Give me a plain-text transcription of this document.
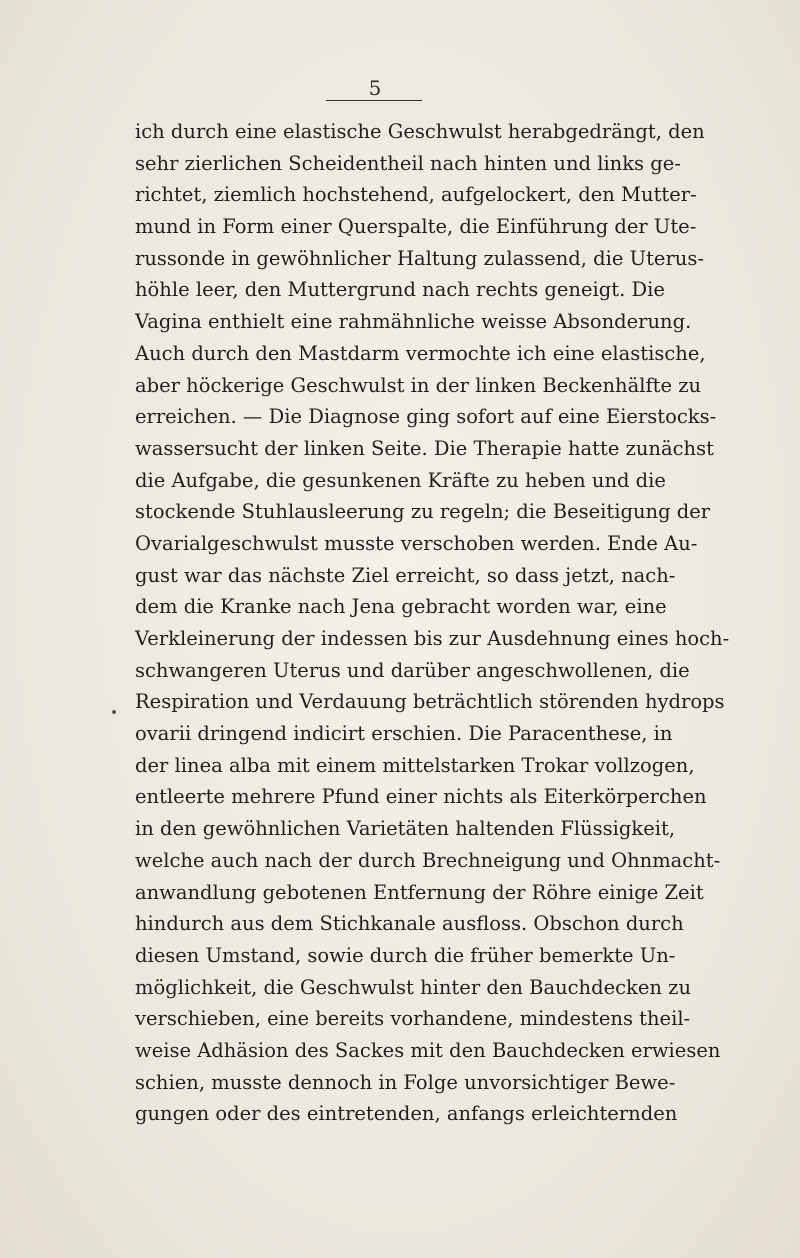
5
ich durch eine elastische Geschwulst herabgedrängt, den
sehr zierlichen Scheidentheil nach hinten und links ge-
richtet, ziemlich hochstehend, aufgelockert, den Mutter-
mund in Form einer Querspalte, die Einführung der Ute-
russonde in gewöhnlicher Haltung zulassend, die Uterus-
höhle leer, den Muttergrund nach rechts geneigt. Die
Vagina enthielt eine rahmähnliche weisse Absonderung.
Auch durch den Mastdarm vermochte ich eine elastische,
aber höckerige Geschwulst in der linken Beckenhälfte zu
erreichen. — Die Diagnose ging sofort auf eine Eierstocks-
wassersucht der linken Seite. Die Therapie hatte zunächst
die Aufgabe, die gesunkenen Kräfte zu heben und die
stockende Stuhlausleerung zu regeln; die Beseitigung der
Ovarialgeschwulst musste verschoben werden. Ende Au-
gust war das nächste Ziel erreicht, so dass jetzt, nach-
dem die Kranke nach Jena gebracht worden war, eine
Verkleinerung der indessen bis zur Ausdehnung eines hoch-
schwangeren Uterus und darüber angeschwollenen, die
Respiration und Verdauung beträchtlich störenden hydrops
ovarii dringend indicirt erschien. Die Paracenthese, in
der linea alba mit einem mittelstarken Trokar vollzogen,
entleerte mehrere Pfund einer nichts als Eiterkörperchen
in den gewöhnlichen Varietäten haltenden Flüssigkeit,
welche auch nach der durch Brechneigung und Ohnmacht-
anwandlung gebotenen Entfernung der Röhre einige Zeit
hindurch aus dem Stichkanale ausfloss. Obschon durch
diesen Umstand, sowie durch die früher bemerkte Un-
möglichkeit, die Geschwulst hinter den Bauchdecken zu
verschieben, eine bereits vorhandene, mindestens theil-
weise Adhäsion des Sackes mit den Bauchdecken erwiesen
schien, musste dennoch in Folge unvorsichtiger Bewe-
gungen oder des eintretenden, anfangs erleichternden
